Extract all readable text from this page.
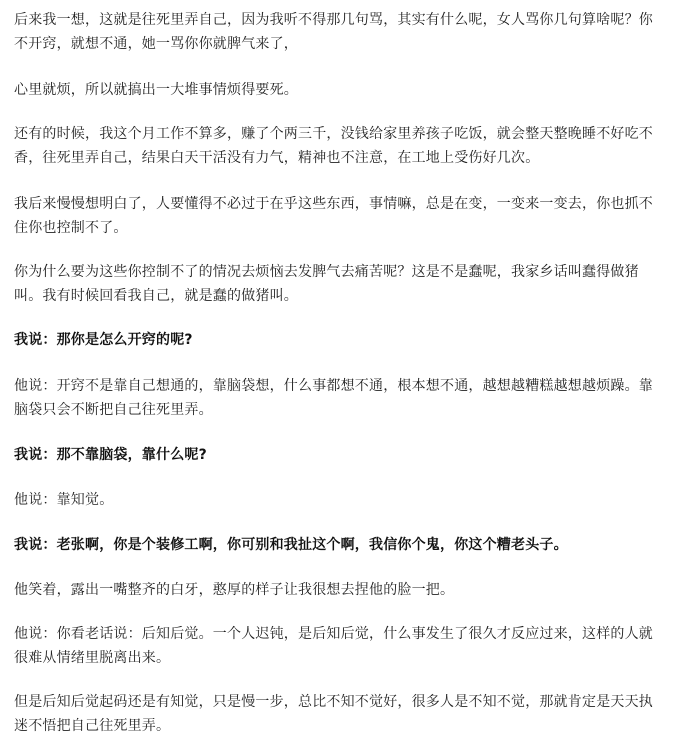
后来我一想，这就是往死里弄自己，因为我听不得那几句骂，其实有什么呢，女人骂你几句算啥呢？你不开窍，就想不通，她一骂你你就脾气来了，

心里就烦，所以就搞出一大堆事情烦得要死。

还有的时候，我这个月工作不算多，赚了个两三千，没钱给家里养孩子吃饭，就会整天整晚睡不好吃不香，往死里弄自己，结果白天干活没有力气，精神也不注意，在工地上受伤好几次。

我后来慢慢想明白了，人要懂得不必过于在乎这些东西，事情嘛，总是在变，一变来一变去，你也抓不住你也控制不了。

你为什么要为这些你控制不了的情况去烦恼去发脾气去痛苦呢？这是不是蠢呢，我家乡话叫蠢得做猪叫。我有时候回看我自己，就是蠢的做猪叫。

我说：那你是怎么开窍的呢?

他说：开窍不是靠自己想通的，靠脑袋想，什么事都想不通，根本想不通，越想越糟糕越想越烦躁。靠脑袋只会不断把自己往死里弄。

我说：那不靠脑袋，靠什么呢?

他说：靠知觉。

我说：老张啊，你是个装修工啊，你可别和我扯这个啊，我信你个鬼，你这个糟老头子。

他笑着，露出一嘴整齐的白牙，憨厚的样子让我很想去捏他的脸一把。

他说：你看老话说：后知后觉。一个人迟钝，是后知后觉，什么事发生了很久才反应过来，这样的人就很难从情绪里脱离出来。

但是后知后觉起码还是有知觉，只是慢一步，总比不知不觉好，很多人是不知不觉，那就肯定是天天执迷不悟把自己往死里弄。
